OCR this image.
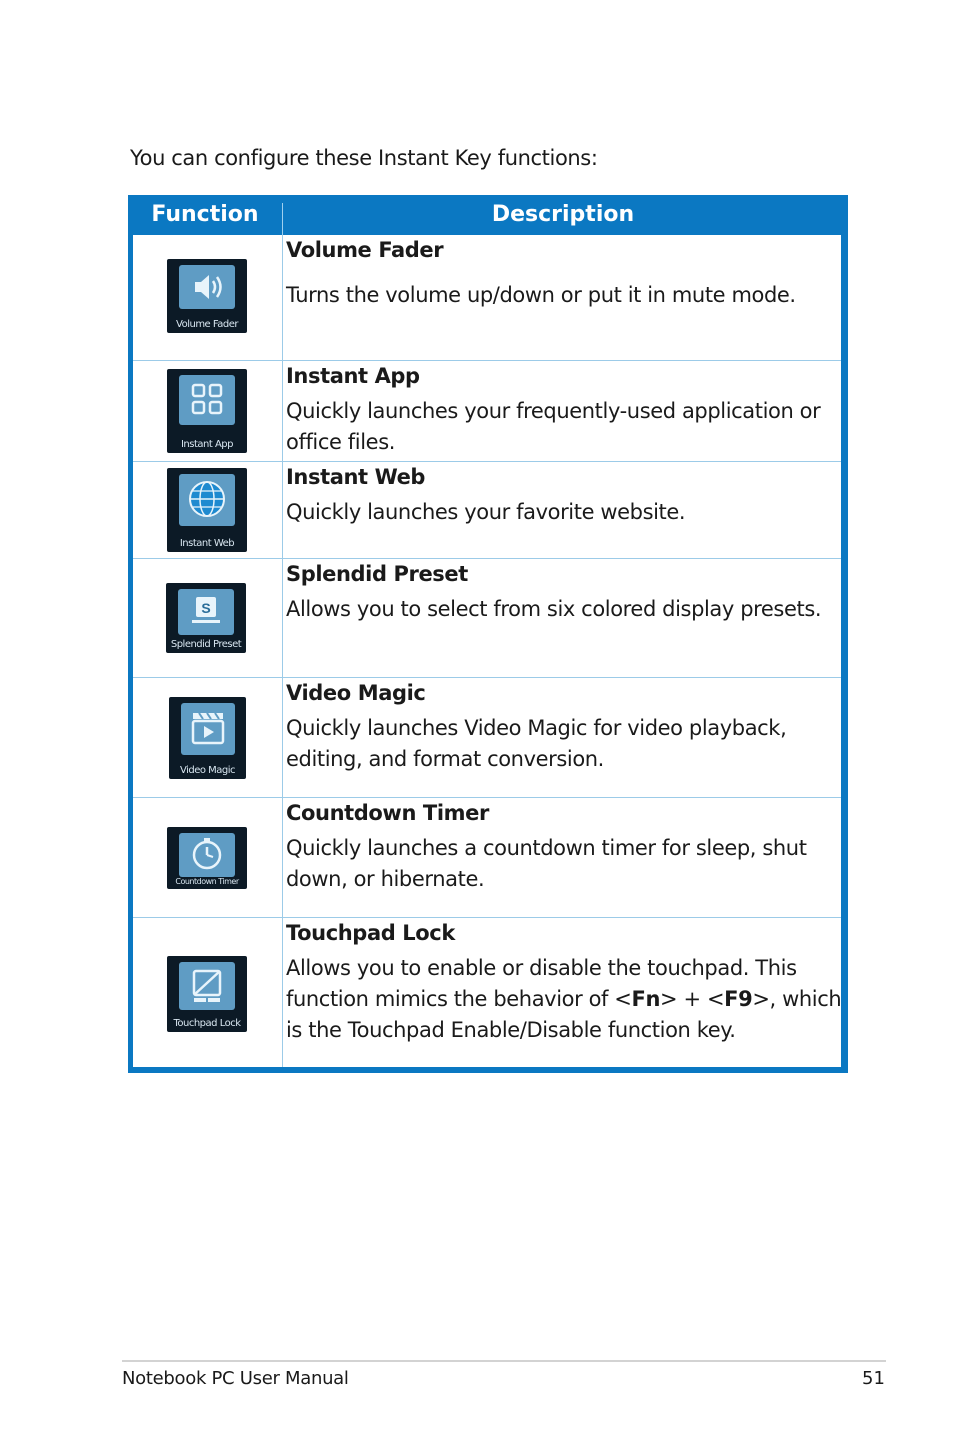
You can configure these Instant Key functions:
Function	Description
Volume Fader
Volume Fader
Turns the volume up/down or put it in mute mode.
Instant App
Instant App
Quickly launches your frequently-used application or office files.
Instant Web
Instant Web
Quickly launches your favorite website.
S
Splendid Preset
Splendid Preset
Allows you to select from six colored display presets.
Video Magic
Video Magic
Quickly launches Video Magic for video playback, editing, and format conversion.
Countdown Timer
Countdown Timer
Quickly launches a countdown timer for sleep, shut down, or hibernate.
Touchpad Lock
Touchpad Lock
Allows you to enable or disable the touchpad. This function mimics the behavior of <Fn> + <F9>, which is the Touchpad Enable/Disable function key.
Notebook PC User Manual	51
